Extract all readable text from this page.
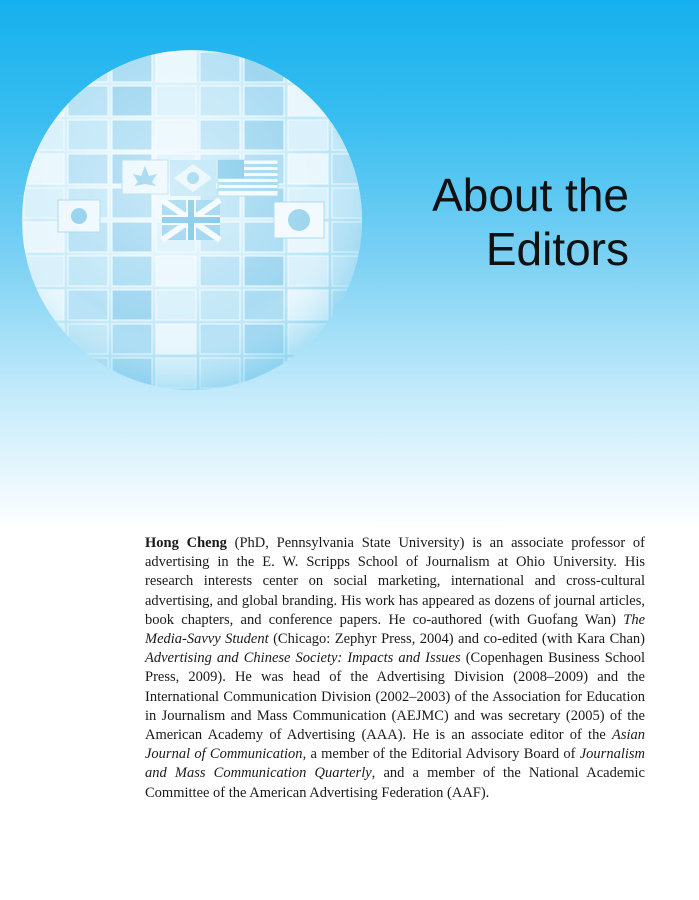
About the
Editors

Hong Cheng (PhD, Pennsylvania State University) is an associate professor of advertising in the E. W. Scripps School of Journalism at Ohio University. His research interests center on social marketing, international and cross-cultural advertising, and global branding. His work has appeared as dozens of journal articles, book chapters, and conference papers. He co-authored (with Guofang Wan) The Media-Savvy Student (Chicago: Zephyr Press, 2004) and co-edited (with Kara Chan) Advertising and Chinese Society: Impacts and Issues (Copenhagen Business School Press, 2009). He was head of the Advertising Division (2008–2009) and the International Communication Division (2002–2003) of the Association for Education in Journalism and Mass Communication (AEJMC) and was secretary (2005) of the American Academy of Advertising (AAA). He is an associate editor of the Asian Journal of Communication, a member of the Editorial Advisory Board of Journalism and Mass Communication Quarterly, and a member of the National Academic Committee of the American Advertising Federation (AAF).
